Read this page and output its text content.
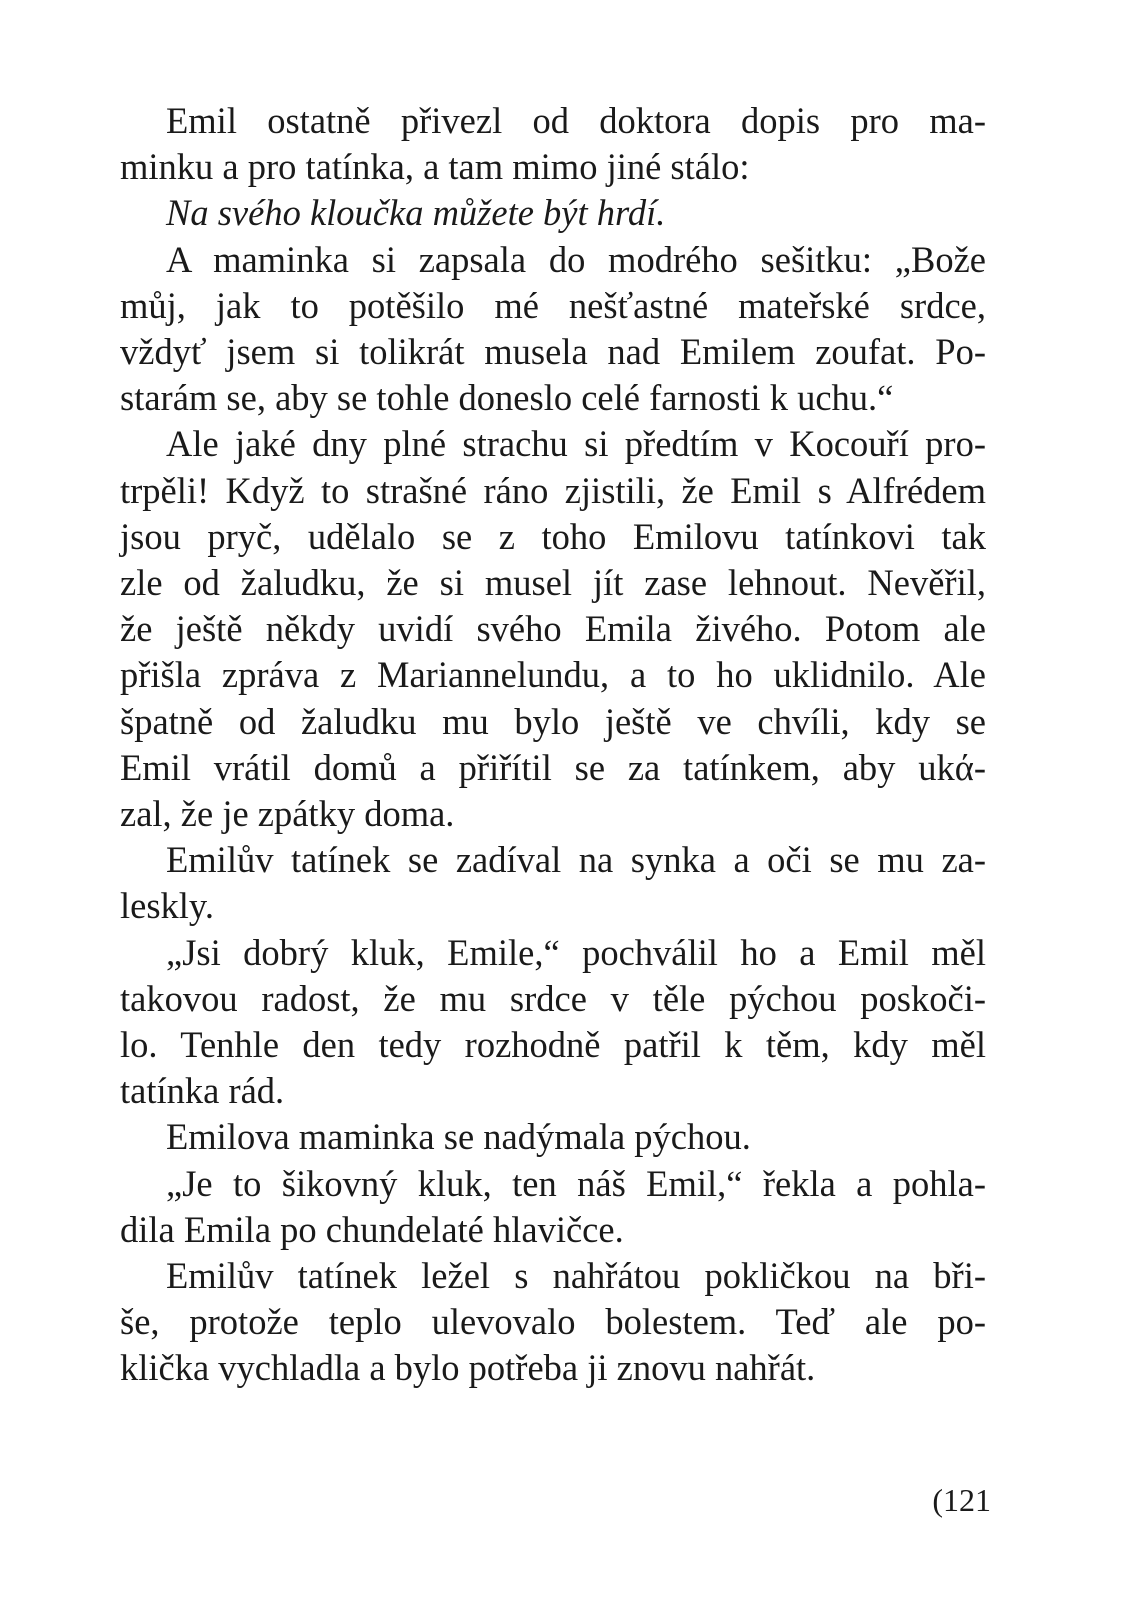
Emil ostatně přivezl od doktora dopis pro ma-
minku a pro tatínka, a tam mimo jiné stálo:
Na svého kloučka můžete být hrdí.
A maminka si zapsala do modrého sešitku: „Bože
můj, jak to potěšilo mé nešťastné mateřské srdce,
vždyť jsem si tolikrát musela nad Emilem zoufat. Po-
starám se, aby se tohle doneslo celé farnosti k uchu.“
Ale jaké dny plné strachu si předtím v Kocouří pro-
trpěli! Když to strašné ráno zjistili, že Emil s Alfrédem
jsou pryč, udělalo se z toho Emilovu tatínkovi tak
zle od žaludku, že si musel jít zase lehnout. Nevěřil,
že ještě někdy uvidí svého Emila živého. Potom ale
přišla zpráva z Mariannelundu, a to ho uklidnilo. Ale
špatně od žaludku mu bylo ještě ve chvíli, kdy se
Emil vrátil domů a přiřítil se za tatínkem, aby ukά-
zal, že je zpátky doma.
Emilův tatínek se zadíval na synka a oči se mu za-
leskly.
„Jsi dobrý kluk, Emile,“ pochválil ho a Emil měl
takovou radost, že mu srdce v těle pýchou poskoči-
lo. Tenhle den tedy rozhodně patřil k těm, kdy měl
tatínka rád.
Emilova maminka se nadýmala pýchou.
„Je to šikovný kluk, ten náš Emil,“ řekla a pohla-
dila Emila po chundelaté hlavičce.
Emilův tatínek ležel s nahřátou pokličkou na bři-
še, protože teplo ulevovalo bolestem. Teď ale po-
klička vychladla a bylo potřeba ji znovu nahřát.
(121
